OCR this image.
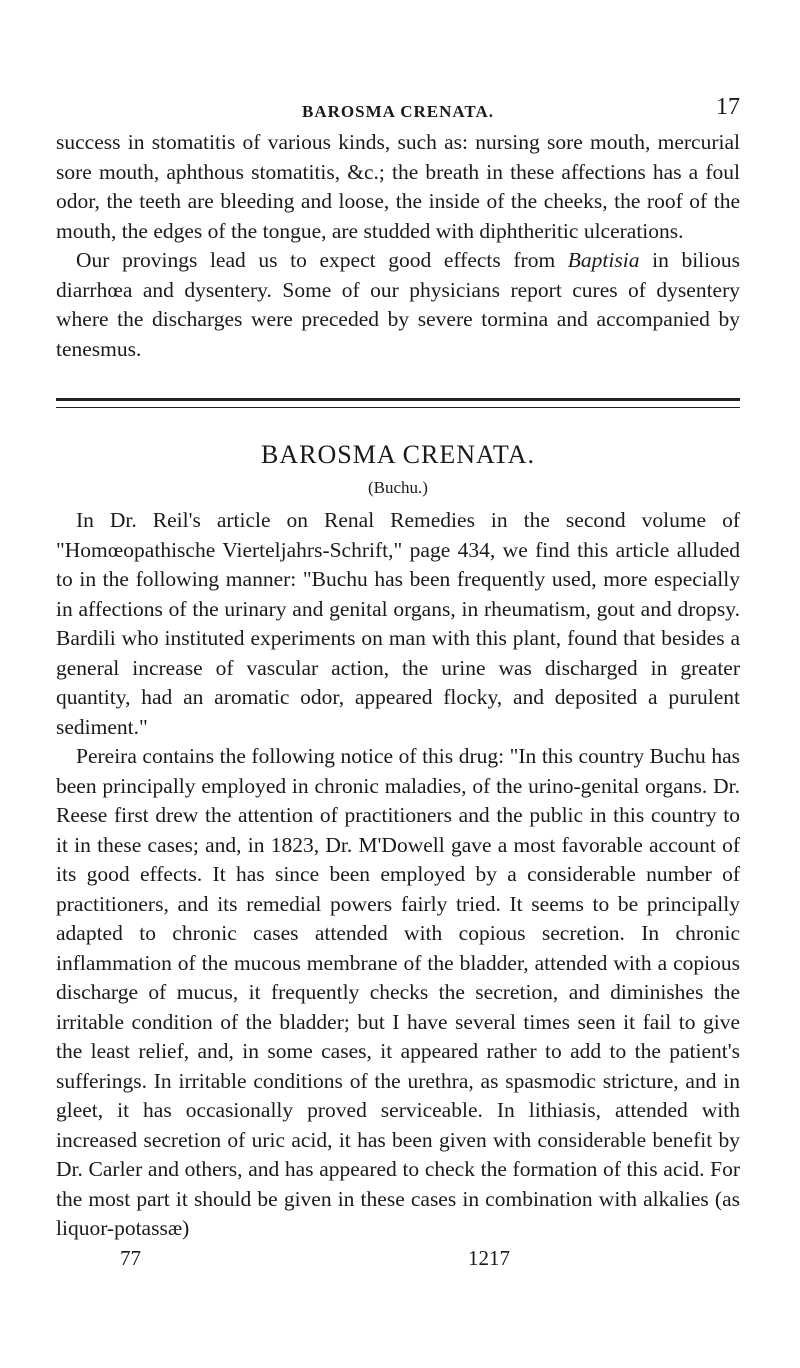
BAROSMA CRENATA.	17

success in stomatitis of various kinds, such as: nursing sore mouth, mercurial sore mouth, aphthous stomatitis, &c.; the breath in these affections has a foul odor, the teeth are bleeding and loose, the inside of the cheeks, the roof of the mouth, the edges of the tongue, are studded with diphtheritic ulcerations.

Our provings lead us to expect good effects from Baptisia in bilious diarrhœa and dysentery. Some of our physicians report cures of dysentery where the discharges were preceded by severe tormina and accompanied by tenesmus.

BAROSMA CRENATA.
(Buchu.)

In Dr. Reil's article on Renal Remedies in the second volume of "Homœopathische Vierteljahrs-Schrift," page 434, we find this article alluded to in the following manner: "Buchu has been frequently used, more especially in affections of the urinary and genital organs, in rheumatism, gout and dropsy. Bardili who instituted experiments on man with this plant, found that besides a general increase of vascular action, the urine was discharged in greater quantity, had an aromatic odor, appeared flocky, and deposited a purulent sediment."

Pereira contains the following notice of this drug: "In this country Buchu has been principally employed in chronic maladies, of the urino-genital organs. Dr. Reese first drew the attention of practitioners and the public in this country to it in these cases; and, in 1823, Dr. M'Dowell gave a most favorable account of its good effects. It has since been employed by a considerable number of practitioners, and its remedial powers fairly tried. It seems to be principally adapted to chronic cases attended with copious secretion. In chronic inflammation of the mucous membrane of the bladder, attended with a copious discharge of mucus, it frequently checks the secretion, and diminishes the irritable condition of the bladder; but I have several times seen it fail to give the least relief, and, in some cases, it appeared rather to add to the patient's sufferings. In irritable conditions of the urethra, as spasmodic stricture, and in gleet, it has occasionally proved serviceable. In lithiasis, attended with increased secretion of uric acid, it has been given with considerable benefit by Dr. Carler and others, and has appeared to check the formation of this acid. For the most part it should be given in these cases in combination with alkalies (as liquor-potassæ)

77	1217
